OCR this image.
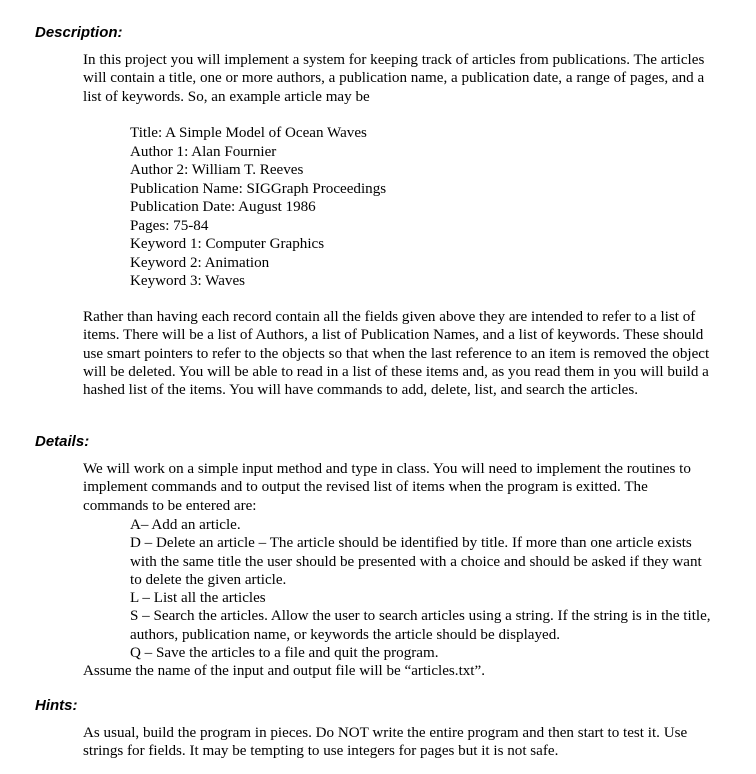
Description:

In this project you will implement a system for keeping track of articles from publications. The articles will contain a title, one or more authors, a publication name, a publication date, a range of pages, and a list of keywords. So, an example article may be

Title: A Simple Model of Ocean Waves
Author 1: Alan Fournier
Author 2: William T. Reeves
Publication Name: SIGGraph Proceedings
Publication Date: August 1986
Pages: 75-84
Keyword 1: Computer Graphics
Keyword 2: Animation
Keyword 3: Waves

Rather than having each record contain all the fields given above they are intended to refer to a list of items. There will be a list of Authors, a list of Publication Names, and a list of keywords. These should use smart pointers to refer to the objects so that when the last reference to an item is removed the object will be deleted. You will be able to read in a list of these items and, as you read them in you will build a hashed list of the items. You will have commands to add, delete, list, and search the articles.

Details:

We will work on a simple input method and type in class. You will need to implement the routines to implement commands and to output the revised list of items when the program is exitted. The commands to be entered are:

A– Add an article.
D – Delete an article – The article should be identified by title. If more than one article exists with the same title the user should be presented with a choice and should be asked if they want to delete the given article.
L – List all the articles
S – Search the articles. Allow the user to search articles using a string. If the string is in the title, authors, publication name, or keywords the article should be displayed.
Q – Save the articles to a file and quit the program.

Assume the name of the input and output file will be “articles.txt”.

Hints:

As usual, build the program in pieces. Do NOT write the entire program and then start to test it. Use strings for fields. It may be tempting to use integers for pages but it is not safe.
